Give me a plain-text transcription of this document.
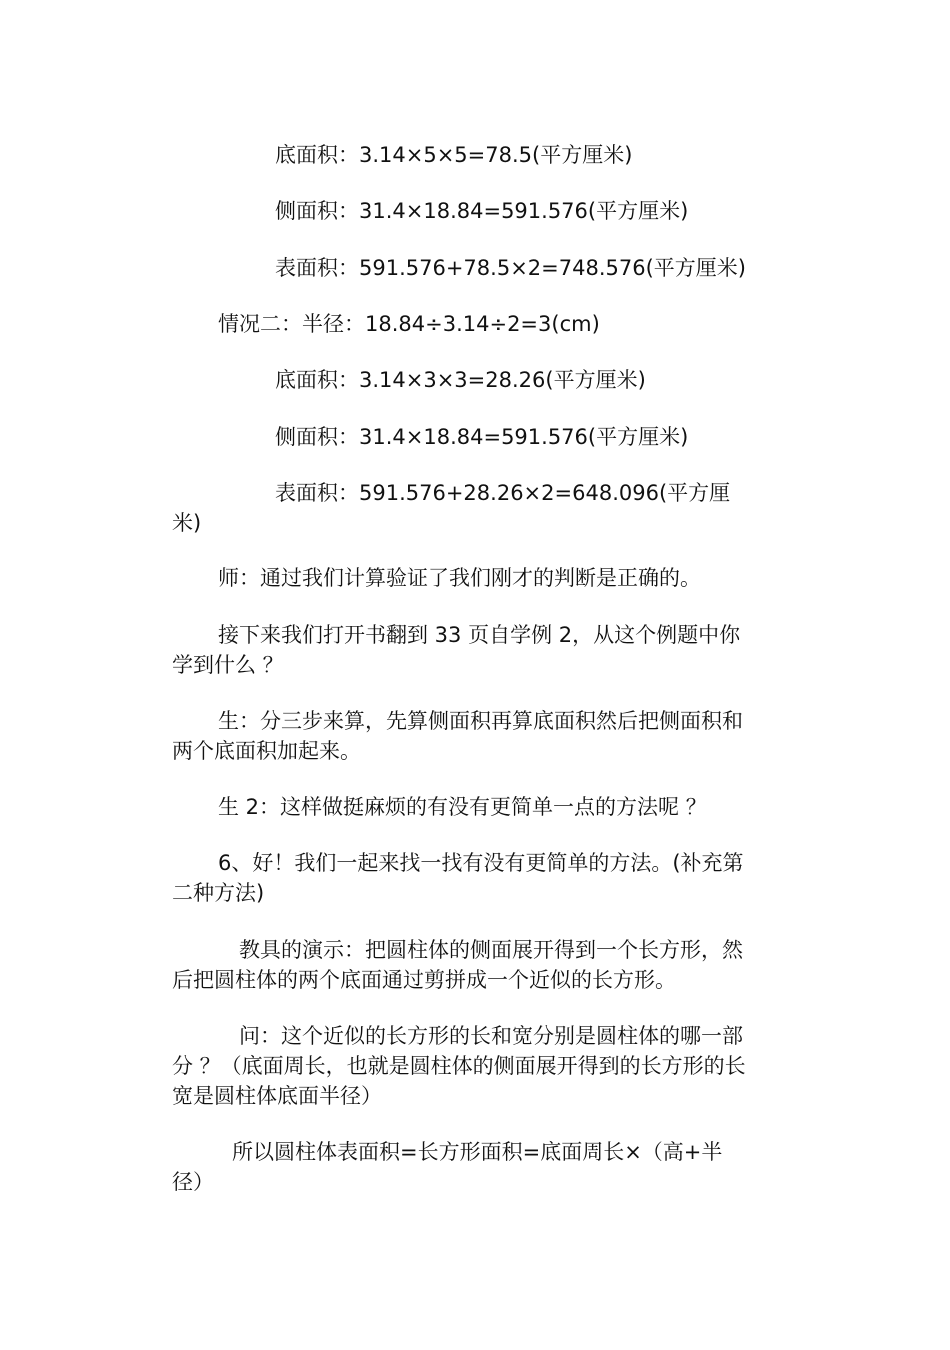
底面积：3.14×5×5=78.5(平方厘米)
侧面积：31.4×18.84=591.576(平方厘米)
表面积：591.576+78.5×2=748.576(平方厘米)
情况二：半径：18.84÷3.14÷2=3(cm)
底面积：3.14×3×3=28.26(平方厘米)
侧面积：31.4×18.84=591.576(平方厘米)
表面积：591.576+28.26×2=648.096(平方厘
米)
师：通过我们计算验证了我们刚才的判断是正确的。
接下来我们打开书翻到 33 页自学例 2，从这个例题中你
学到什么 ？
生：分三步来算，先算侧面积再算底面积然后把侧面积和
两个底面积加起来。
生 2：这样做挺麻烦的有没有更简单一点的方法呢 ？
6、好！我们一起来找一找有没有更简单的方法。(补充第
二种方法)
教具的演示：把圆柱体的侧面展开得到一个长方形，然
后把圆柱体的两个底面通过剪拼成一个近似的长方形。
问：这个近似的长方形的长和宽分别是圆柱体的哪一部
分 ？（底面周长，也就是圆柱体的侧面展开得到的长方形的长
宽是圆柱体底面半径）
所以圆柱体表面积=长方形面积=底面周长×（高+半
径）
